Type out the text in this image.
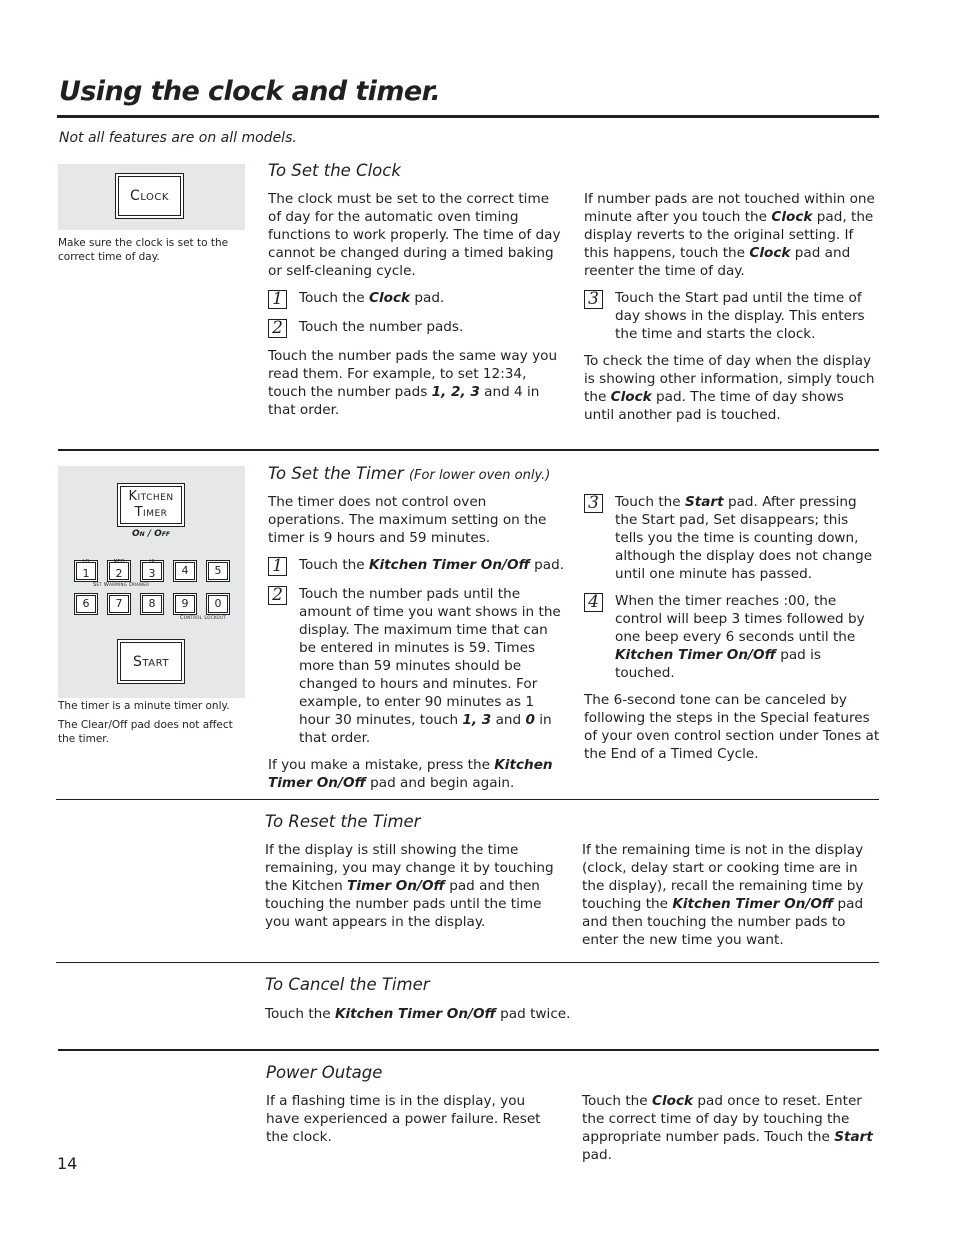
Using the clock and timer.
Not all features are on all models.
Clock

Make sure the clock is set to the correct time of day.

To Set the Clock

The clock must be set to the correct time of day for the automatic oven timing functions to work properly. The time of day cannot be changed during a timed baking or self-cleaning cycle.

1	Touch the Clock pad.
2	Touch the number pads.

Touch the number pads the same way you read them. For example, to set 12:34, touch the number pads 1, 2, 3 and 4 in that order.

If number pads are not touched within one minute after you touch the Clock pad, the display reverts to the original setting. If this happens, touch the Clock pad and reenter the time of day.

3	Touch the Start pad until the time of day shows in the display. This enters the time and starts the clock.

To check the time of day when the display is showing other information, simply touch the Clock pad. The time of day shows until another pad is touched.

Kitchen
Timer
On / Off
LO
1
MED
2
HI
3	4	5
Set Warming Drawer
6	7	8	9	0
Control Lockout
Start

The timer is a minute timer only.

The Clear/Off pad does not affect the timer.

To Set the Timer (For lower oven only.)

The timer does not control oven operations. The maximum setting on the timer is 9 hours and 59 minutes.

1	Touch the Kitchen Timer On/Off pad.
2	Touch the number pads until the amount of time you want shows in the display. The maximum time that can be entered in minutes is 59. Times more than 59 minutes should be changed to hours and minutes. For example, to enter 90 minutes as 1 hour 30 minutes, touch 1, 3 and 0 in that order.

If you make a mistake, press the Kitchen Timer On/Off pad and begin again.

3	Touch the Start pad. After pressing the Start pad, Set disappears; this tells you the time is counting down, although the display does not change until one minute has passed.
4	When the timer reaches :00, the control will beep 3 times followed by one beep every 6 seconds until the Kitchen Timer On/Off pad is touched.

The 6-second tone can be canceled by following the steps in the Special features of your oven control section under Tones at the End of a Timed Cycle.

To Reset the Timer

If the display is still showing the time remaining, you may change it by touching the Kitchen Timer On/Off pad and then touching the number pads until the time you want appears in the display.

If the remaining time is not in the display (clock, delay start or cooking time are in the display), recall the remaining time by touching the Kitchen Timer On/Off pad and then touching the number pads to enter the new time you want.

To Cancel the Timer

Touch the Kitchen Timer On/Off pad twice.

Power Outage

If a flashing time is in the display, you have experienced a power failure. Reset the clock.

Touch the Clock pad once to reset. Enter the correct time of day by touching the appropriate number pads. Touch the Start pad.

14
